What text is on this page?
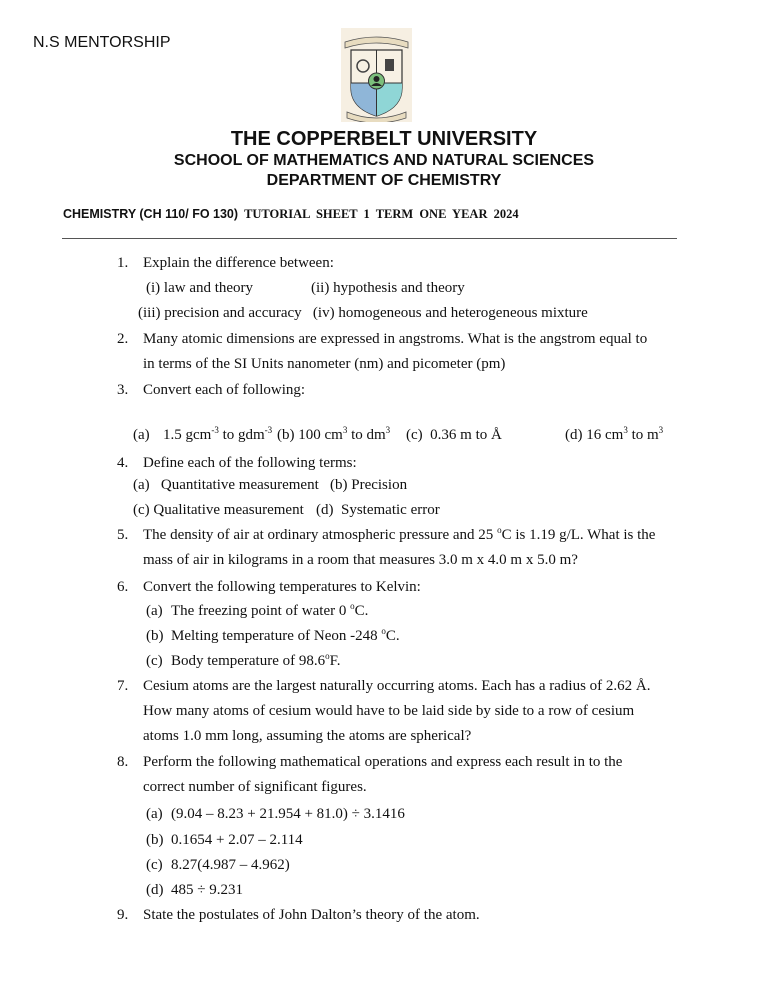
N.S MENTORSHIP
THE COPPERBELT UNIVERSITY
SCHOOL OF MATHEMATICS AND NATURAL SCIENCES
DEPARTMENT OF CHEMISTRY
CHEMISTRY (CH 110/ FO 130) TUTORIAL SHEET 1 TERM ONE YEAR 2024
1. Explain the difference between:
(i) law and theory	(ii) hypothesis and theory
(iii) precision and accuracy   (iv) homogeneous and heterogeneous mixture
2. Many atomic dimensions are expressed in angstroms. What is the angstrom equal to
in terms of the SI Units nanometer (nm) and picometer (pm)
3. Convert each of following:
(a) 1.5 gcm$^{-3}$ to gdm$^{-3}$ (b) 100 $cm^3$ to $dm^3$ (c)  0.36 m to Å	(d) 16 $cm^3$ to $m^3$
4. Define each of the following terms:
(a)   Quantitative measurement (b) Precision
(c) Qualitative measurement (d)  Systematic error
5. The density of air at ordinary atmospheric pressure and 25 $^o$C is 1.19 g/L. What is the
mass of air in kilograms in a room that measures 3.0 m x 4.0 m x 5.0 m?
6. Convert the following temperatures to Kelvin:
(a) The freezing point of water 0 $^o$C.
(b) Melting temperature of Neon -248 $^o$C.
(c) Body temperature of 98.6$^o$F.
7. Cesium atoms are the largest naturally occurring atoms. Each has a radius of 2.62 Å.
How many atoms of cesium would have to be laid side by side to a row of cesium
atoms 1.0 mm long, assuming the atoms are spherical?
8. Perform the following mathematical operations and express each result in to the
correct number of significant figures.
(a) (9.04 – 8.23 + 21.954 + 81.0) ÷ 3.1416
(b) 0.1654 + 2.07 – 2.114
(c) 8.27(4.987 – 4.962)
(d) 485 ÷ 9.231
9. State the postulates of John Dalton’s theory of the atom.
